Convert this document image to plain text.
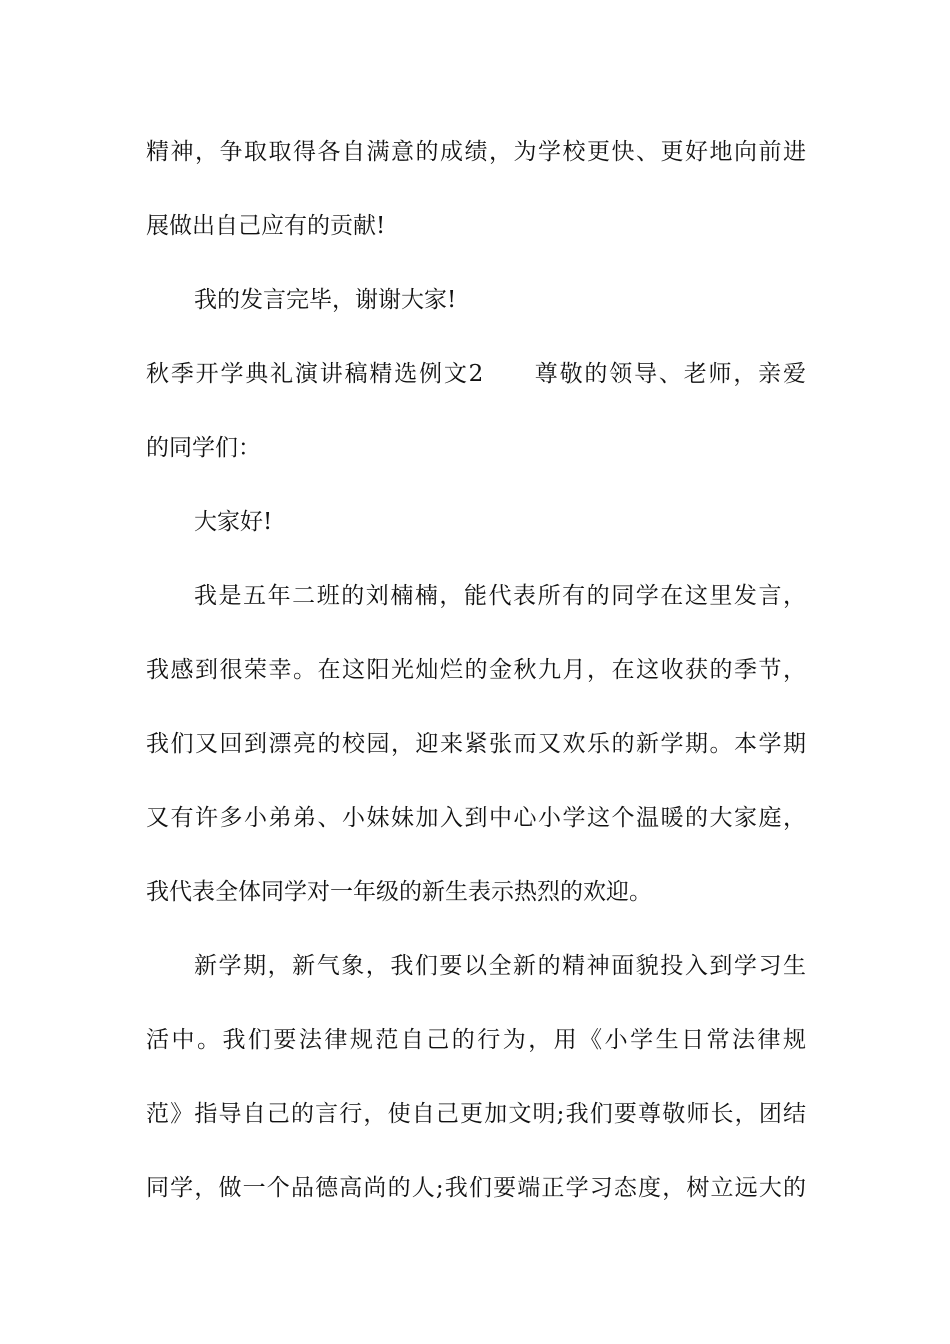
精神，争取取得各自满意的成绩，为学校更快、更好地向前进
展做出自己应有的贡献!
我的发言完毕，谢谢大家!
秋季开学典礼演讲稿精选例文2　　尊敬的领导、老师，亲爱
的同学们：
大家好!
我是五年二班的刘楠楠，能代表所有的同学在这里发言，
我感到很荣幸。在这阳光灿烂的金秋九月，在这收获的季节，
我们又回到漂亮的校园，迎来紧张而又欢乐的新学期。本学期
又有许多小弟弟、小妹妹加入到中心小学这个温暖的大家庭，
我代表全体同学对一年级的新生表示热烈的欢迎。
新学期，新气象，我们要以全新的精神面貌投入到学习生
活中。我们要法律规范自己的行为，用《小学生日常法律规
范》指导自己的言行，使自己更加文明;我们要尊敬师长，团结
同学，做一个品德高尚的人;我们要端正学习态度，树立远大的
